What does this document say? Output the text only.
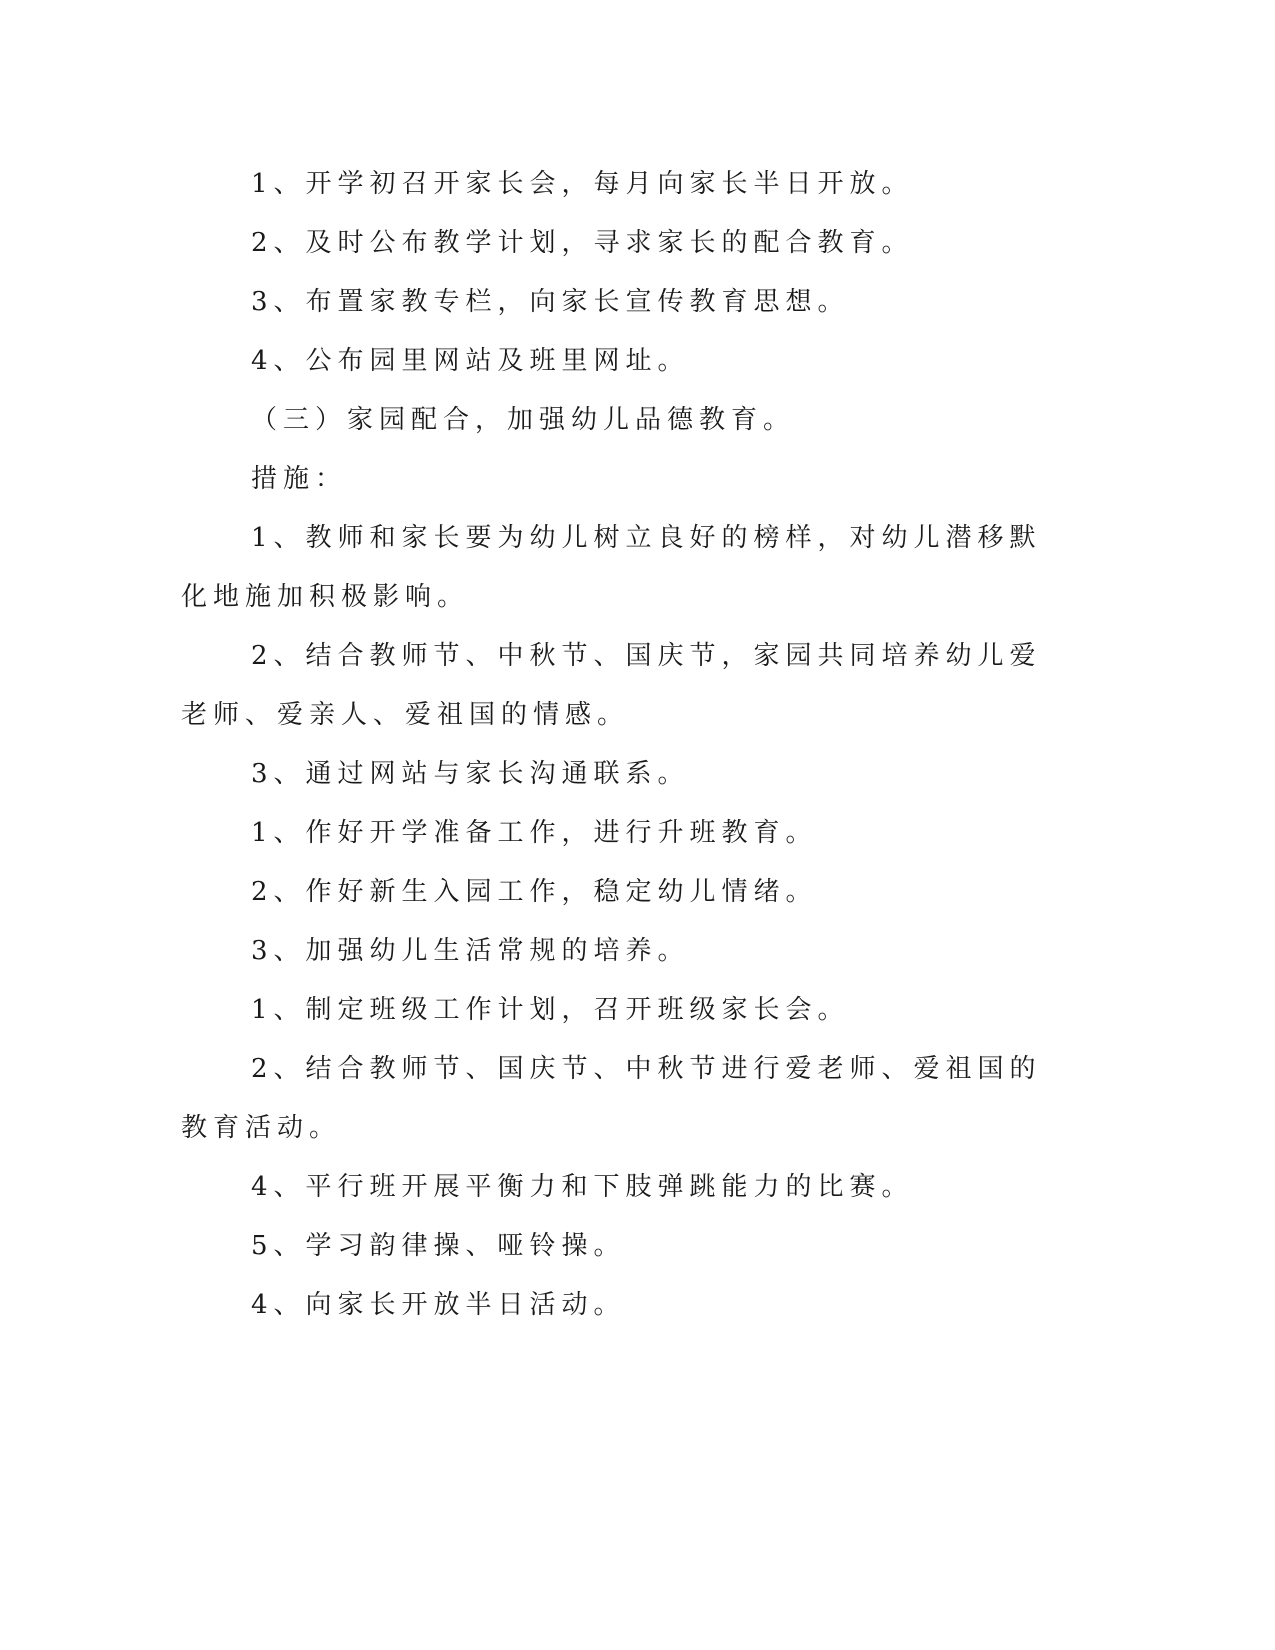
1、开学初召开家长会，每月向家长半日开放。

2、及时公布教学计划，寻求家长的配合教育。

3、布置家教专栏，向家长宣传教育思想。

4、公布园里网站及班里网址。

（三）家园配合，加强幼儿品德教育。

措施：

1、教师和家长要为幼儿树立良好的榜样，对幼儿潜移默化地施加积极影响。

2、结合教师节、中秋节、国庆节，家园共同培养幼儿爱老师、爱亲人、爱祖国的情感。

3、通过网站与家长沟通联系。

1、作好开学准备工作，进行升班教育。

2、作好新生入园工作，稳定幼儿情绪。

3、加强幼儿生活常规的培养。

1、制定班级工作计划，召开班级家长会。

2、结合教师节、国庆节、中秋节进行爱老师、爱祖国的教育活动。

4、平行班开展平衡力和下肢弹跳能力的比赛。

5、学习韵律操、哑铃操。

4、向家长开放半日活动。
